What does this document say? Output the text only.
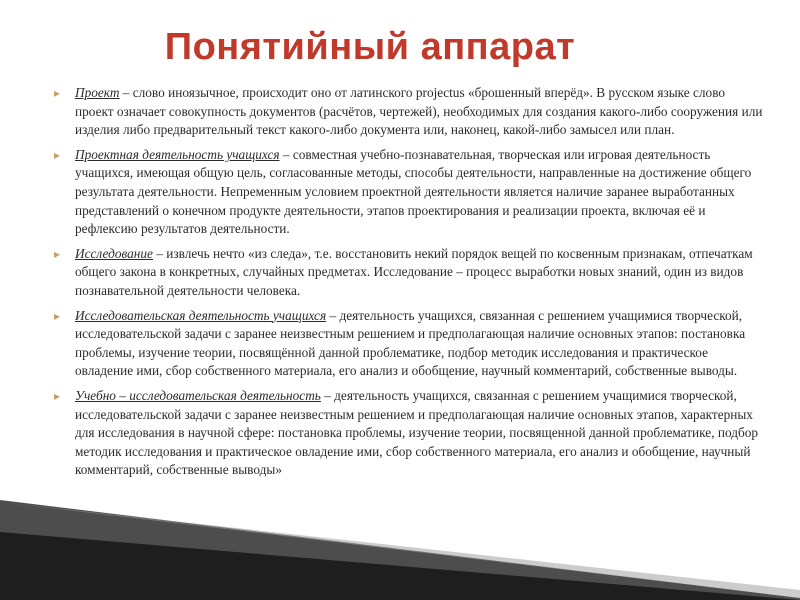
Понятийный аппарат
▸ Проект – слово иноязычное, происходит оно от латинского projectus «брошенный вперёд». В русском языке слово проект означает совокупность документов (расчётов, чертежей), необходимых для создания какого-либо сооружения или изделия либо предварительный текст какого-либо документа или, наконец, какой-либо замысел или план.
▸ Проектная деятельность учащихся – совместная учебно-познавательная, творческая или игровая деятельность учащихся, имеющая общую цель, согласованные методы, способы деятельности, направленные на достижение общего результата деятельности. Непременным условием проектной деятельности является наличие заранее выработанных представлений о конечном продукте деятельности, этапов проектирования и реализации проекта, включая её и рефлексию результатов деятельности.
▸ Исследование – извлечь нечто «из следа», т.е. восстановить некий порядок вещей по косвенным признакам, отпечаткам общего закона в конкретных, случайных предметах. Исследование – процесс выработки новых знаний, один из видов познавательной деятельности человека.
▸ Исследовательская деятельность учащихся – деятельность учащихся, связанная с решением учащимися творческой, исследовательской задачи с заранее неизвестным решением и предполагающая наличие основных этапов: постановка проблемы, изучение теории, посвящённой данной проблематике, подбор методик исследования и практическое овладение ими, сбор собственного материала, его анализ и обобщение, научный комментарий, собственные выводы.
▸ Учебно – исследовательская деятельность – деятельность учащихся, связанная с решением учащимися творческой, исследовательской задачи с заранее неизвестным решением и предполагающая наличие основных этапов, характерных для исследования в научной сфере: постановка проблемы, изучение теории, посвященной данной проблематике, подбор методик исследования и практическое овладение ими, сбор собственного материала, его анализ и обобщение, научный комментарий, собственные выводы»
